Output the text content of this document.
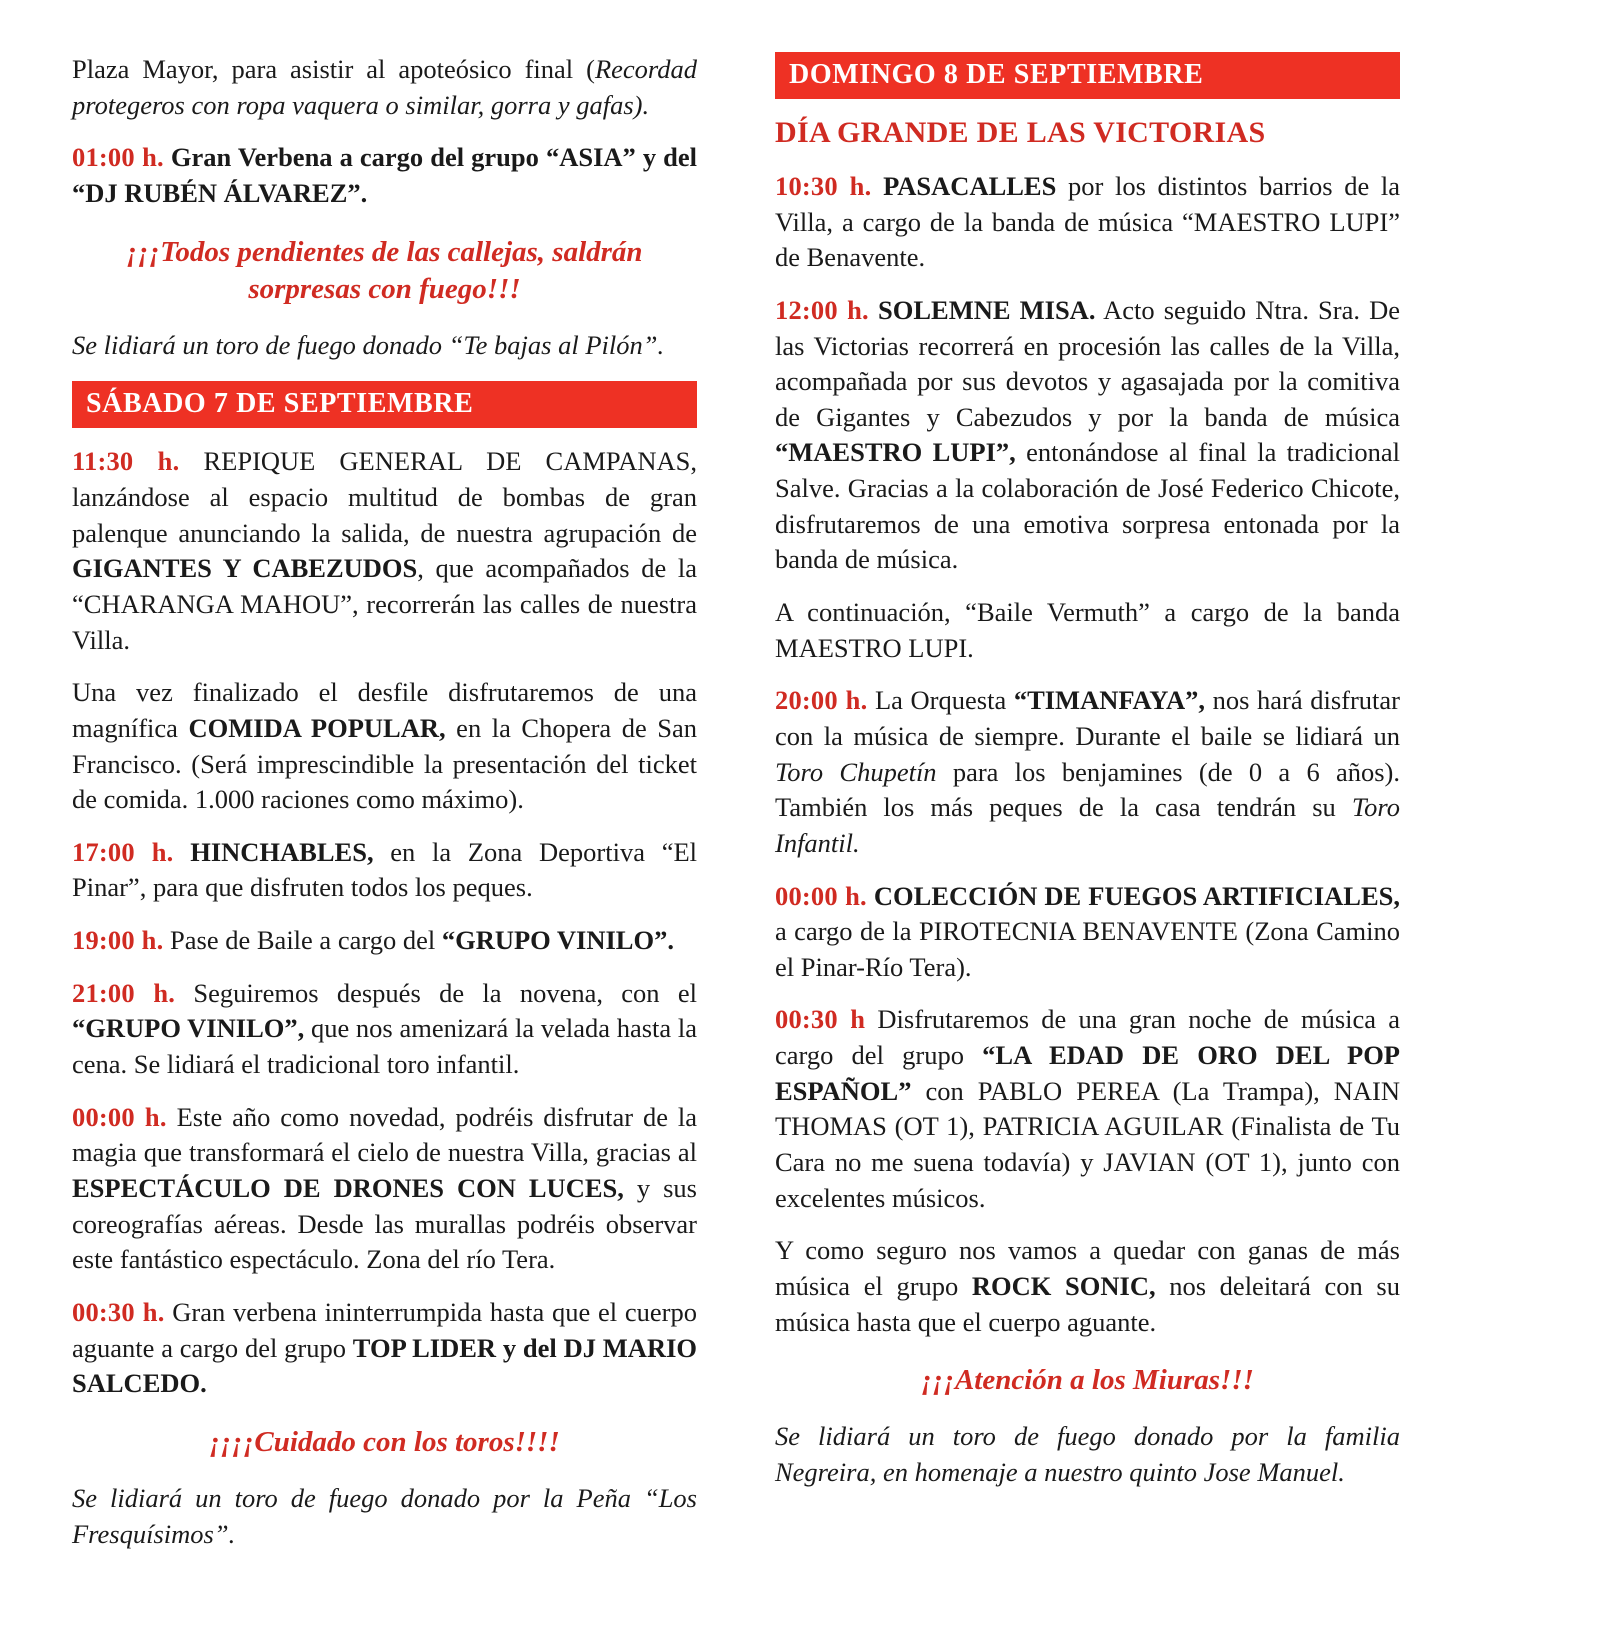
Plaza Mayor, para asistir al apoteósico final (Recordad protegeros con ropa vaquera o similar, gorra y gafas).

01:00 h. Gran Verbena a cargo del grupo “ASIA” y del “DJ RUBÉN ÁLVAREZ”.

¡¡¡Todos pendientes de las callejas, saldrán sorpresas con fuego!!!

Se lidiará un toro de fuego donado “Te bajas al Pilón”.

SÁBADO 7 DE SEPTIEMBRE

11:30 h. REPIQUE GENERAL DE CAMPANAS, lanzándose al espacio multitud de bombas de gran palenque anunciando la salida, de nuestra agrupación de GIGANTES Y CABEZUDOS, que acompañados de la “CHARANGA MAHOU”, recorrerán las calles de nuestra Villa.

Una vez finalizado el desfile disfrutaremos de una magnífica COMIDA POPULAR, en la Chopera de San Francisco. (Será imprescindible la presentación del ticket de comida. 1.000 raciones como máximo).

17:00 h. HINCHABLES, en la Zona Deportiva “El Pinar”, para que disfruten todos los peques.

19:00 h. Pase de Baile a cargo del “GRUPO VINILO”.

21:00 h. Seguiremos después de la novena, con el “GRUPO VINILO”, que nos amenizará la velada hasta la cena. Se lidiará el tradicional toro infantil.

00:00 h. Este año como novedad, podréis disfrutar de la magia que transformará el cielo de nuestra Villa, gracias al ESPECTÁCULO DE DRONES CON LUCES, y sus coreografías aéreas. Desde las murallas podréis observar este fantástico espectáculo. Zona del río Tera.

00:30 h. Gran verbena ininterrumpida hasta que el cuerpo aguante a cargo del grupo TOP LIDER y del DJ MARIO SALCEDO.

¡¡¡¡Cuidado con los toros!!!!

Se lidiará un toro de fuego donado por la Peña “Los Fresquísimos”.

DOMINGO 8 DE SEPTIEMBRE
DÍA GRANDE DE LAS VICTORIAS

10:30 h. PASACALLES por los distintos barrios de la Villa, a cargo de la banda de música “MAESTRO LUPI” de Benavente.

12:00 h. SOLEMNE MISA. Acto seguido Ntra. Sra. De las Victorias recorrerá en procesión las calles de la Villa, acompañada por sus devotos y agasajada por la comitiva de Gigantes y Cabezudos y por la banda de música “MAESTRO LUPI”, entonándose al final la tradicional Salve. Gracias a la colaboración de José Federico Chicote, disfrutaremos de una emotiva sorpresa entonada por la banda de música.

A continuación, “Baile Vermuth” a cargo de la banda MAESTRO LUPI.

20:00 h. La Orquesta “TIMANFAYA”, nos hará disfrutar con la música de siempre. Durante el baile se lidiará un Toro Chupetín para los benjamines (de 0 a 6 años). También los más peques de la casa tendrán su Toro Infantil.

00:00 h. COLECCIÓN DE FUEGOS ARTIFICIALES, a cargo de la PIROTECNIA BENAVENTE (Zona Camino el Pinar-Río Tera).

00:30 h Disfrutaremos de una gran noche de música a cargo del grupo “LA EDAD DE ORO DEL POP ESPAÑOL” con PABLO PEREA (La Trampa), NAIN THOMAS (OT 1), PATRICIA AGUILAR (Finalista de Tu Cara no me suena todavía) y JAVIAN (OT 1), junto con excelentes músicos.

Y como seguro nos vamos a quedar con ganas de más música el grupo ROCK SONIC, nos deleitará con su música hasta que el cuerpo aguante.

¡¡¡Atención a los Miuras!!!

Se lidiará un toro de fuego donado por la familia Negreira, en homenaje a nuestro quinto Jose Manuel.
